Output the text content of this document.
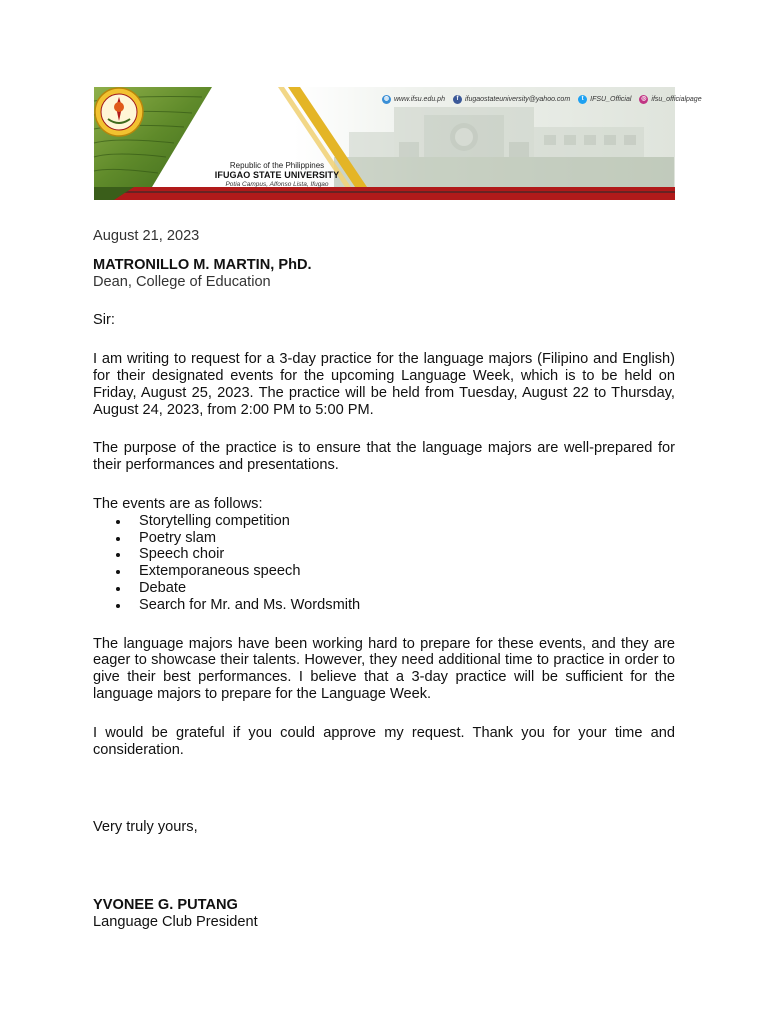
Republic of the Philippines
IFUGAO STATE UNIVERSITY
Potia Campus, Alfonso Lista, Ifugao
◍ www.ifsu.edu.ph	f ifugaostateuniversity@yahoo.com	t IFSU_Official	◎ ifsu_officialpage

August 21, 2023

MATRONILLO M. MARTIN, PhD.

Dean, College of Education

Sir:

I am writing to request for a 3-day practice for the language majors (Filipino and English) for their designated events for the upcoming Language Week, which is to be held on Friday, August 25, 2023. The practice will be held from Tuesday, August 22 to Thursday, August 24, 2023, from 2:00 PM to 5:00 PM.

The purpose of the practice is to ensure that the language majors are well-prepared for their performances and presentations.

The events are as follows:

Storytelling competition
Poetry slam
Speech choir
Extemporaneous speech
Debate
Search for Mr. and Ms. Wordsmith

The language majors have been working hard to prepare for these events, and they are eager to showcase their talents. However, they need additional time to practice in order to give their best performances. I believe that a 3-day practice will be sufficient for the language majors to prepare for the Language Week.

I would be grateful if you could approve my request. Thank you for your time and consideration.

Very truly yours,

YVONEE G. PUTANG

Language Club President
